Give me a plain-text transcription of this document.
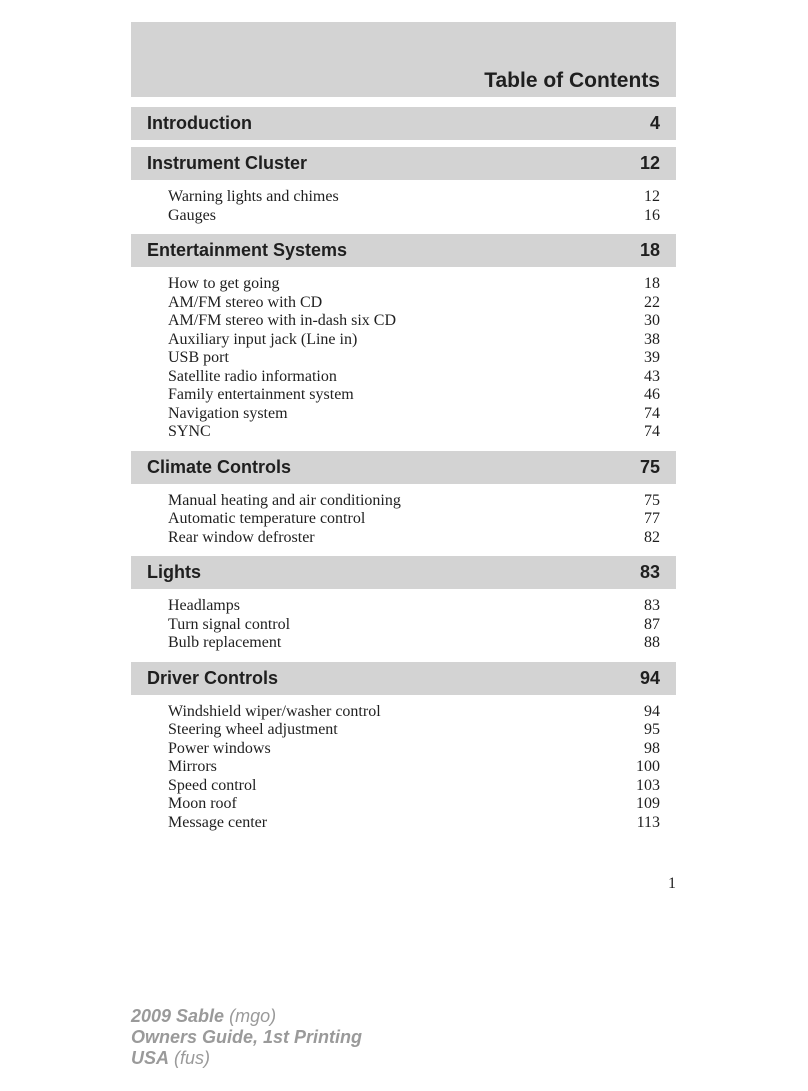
Table of Contents
Introduction	4
Instrument Cluster	12
Warning lights and chimes	12
Gauges	16
Entertainment Systems	18
How to get going	18
AM/FM stereo with CD	22
AM/FM stereo with in-dash six CD	30
Auxiliary input jack (Line in)	38
USB port	39
Satellite radio information	43
Family entertainment system	46
Navigation system	74
SYNC	74
Climate Controls	75
Manual heating and air conditioning	75
Automatic temperature control	77
Rear window defroster	82
Lights	83
Headlamps	83
Turn signal control	87
Bulb replacement	88
Driver Controls	94
Windshield wiper/washer control	94
Steering wheel adjustment	95
Power windows	98
Mirrors	100
Speed control	103
Moon roof	109
Message center	113
1
2009 Sable (mgo)
Owners Guide, 1st Printing
USA (fus)
